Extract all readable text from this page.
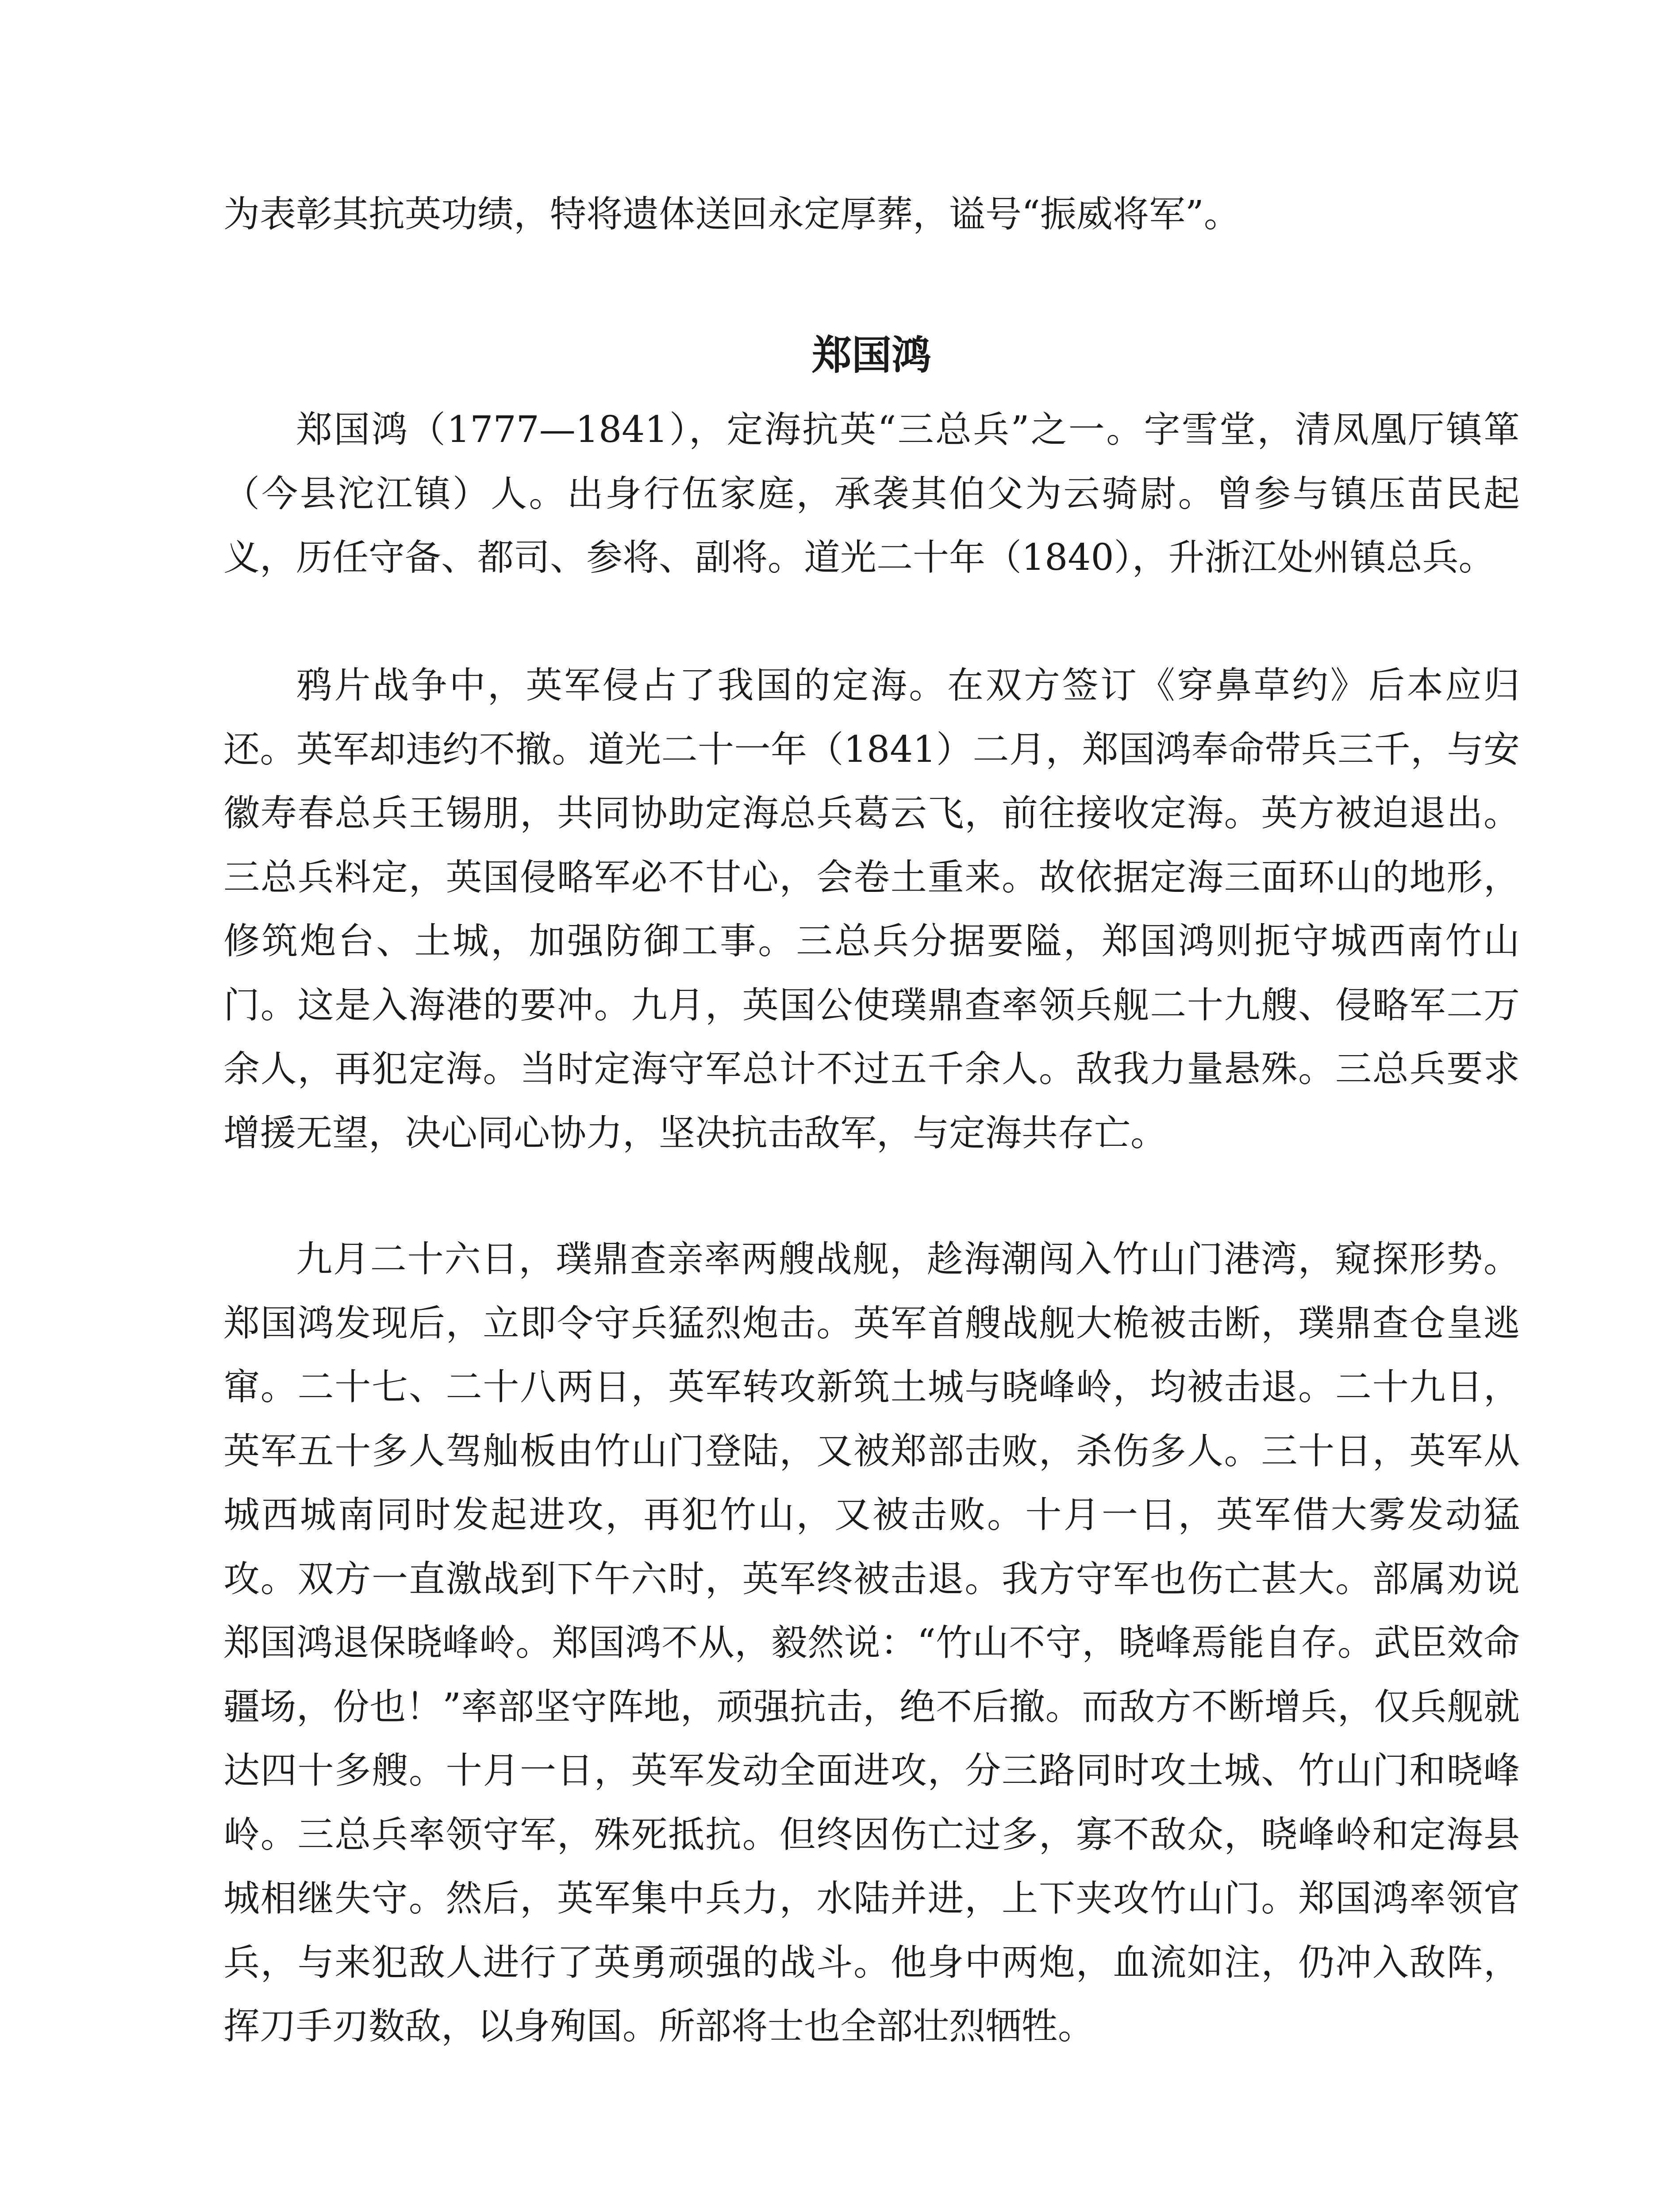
为表彰其抗英功绩，特将遗体送回永定厚葬，谥号“振威将军”。

郑国鸿

郑国鸿（1777—1841），定海抗英“三总兵”之一。字雪堂，清凤凰厅镇箪（今县沱江镇）人。出身行伍家庭，承袭其伯父为云骑尉。曾参与镇压苗民起义，历任守备、都司、参将、副将。道光二十年（1840），升浙江处州镇总兵。

鸦片战争中，英军侵占了我国的定海。在双方签订《穿鼻草约》后本应归还。英军却违约不撤。道光二十一年（1841）二月，郑国鸿奉命带兵三千，与安徽寿春总兵王锡朋，共同协助定海总兵葛云飞，前往接收定海。英方被迫退出。三总兵料定，英国侵略军必不甘心，会卷土重来。故依据定海三面环山的地形，修筑炮台、土城，加强防御工事。三总兵分据要隘，郑国鸿则扼守城西南竹山门。这是入海港的要冲。九月，英国公使璞鼎查率领兵舰二十九艘、侵略军二万余人，再犯定海。当时定海守军总计不过五千余人。敌我力量悬殊。三总兵要求增援无望，决心同心协力，坚决抗击敌军，与定海共存亡。

九月二十六日，璞鼎查亲率两艘战舰，趁海潮闯入竹山门港湾，窥探形势。郑国鸿发现后，立即令守兵猛烈炮击。英军首艘战舰大桅被击断，璞鼎查仓皇逃窜。二十七、二十八两日，英军转攻新筑土城与晓峰岭，均被击退。二十九日，英军五十多人驾舢板由竹山门登陆，又被郑部击败，杀伤多人。三十日，英军从城西城南同时发起进攻，再犯竹山，又被击败。十月一日，英军借大雾发动猛攻。双方一直激战到下午六时，英军终被击退。我方守军也伤亡甚大。部属劝说郑国鸿退保晓峰岭。郑国鸿不从，毅然说：“竹山不守，晓峰焉能自存。武臣效命疆场，份也！”率部坚守阵地，顽强抗击，绝不后撤。而敌方不断增兵，仅兵舰就达四十多艘。十月一日，英军发动全面进攻，分三路同时攻土城、竹山门和晓峰岭。三总兵率领守军，殊死抵抗。但终因伤亡过多，寡不敌众，晓峰岭和定海县城相继失守。然后，英军集中兵力，水陆并进，上下夹攻竹山门。郑国鸿率领官兵，与来犯敌人进行了英勇顽强的战斗。他身中两炮，血流如注，仍冲入敌阵，挥刀手刃数敌，以身殉国。所部将士也全部壮烈牺牲。
